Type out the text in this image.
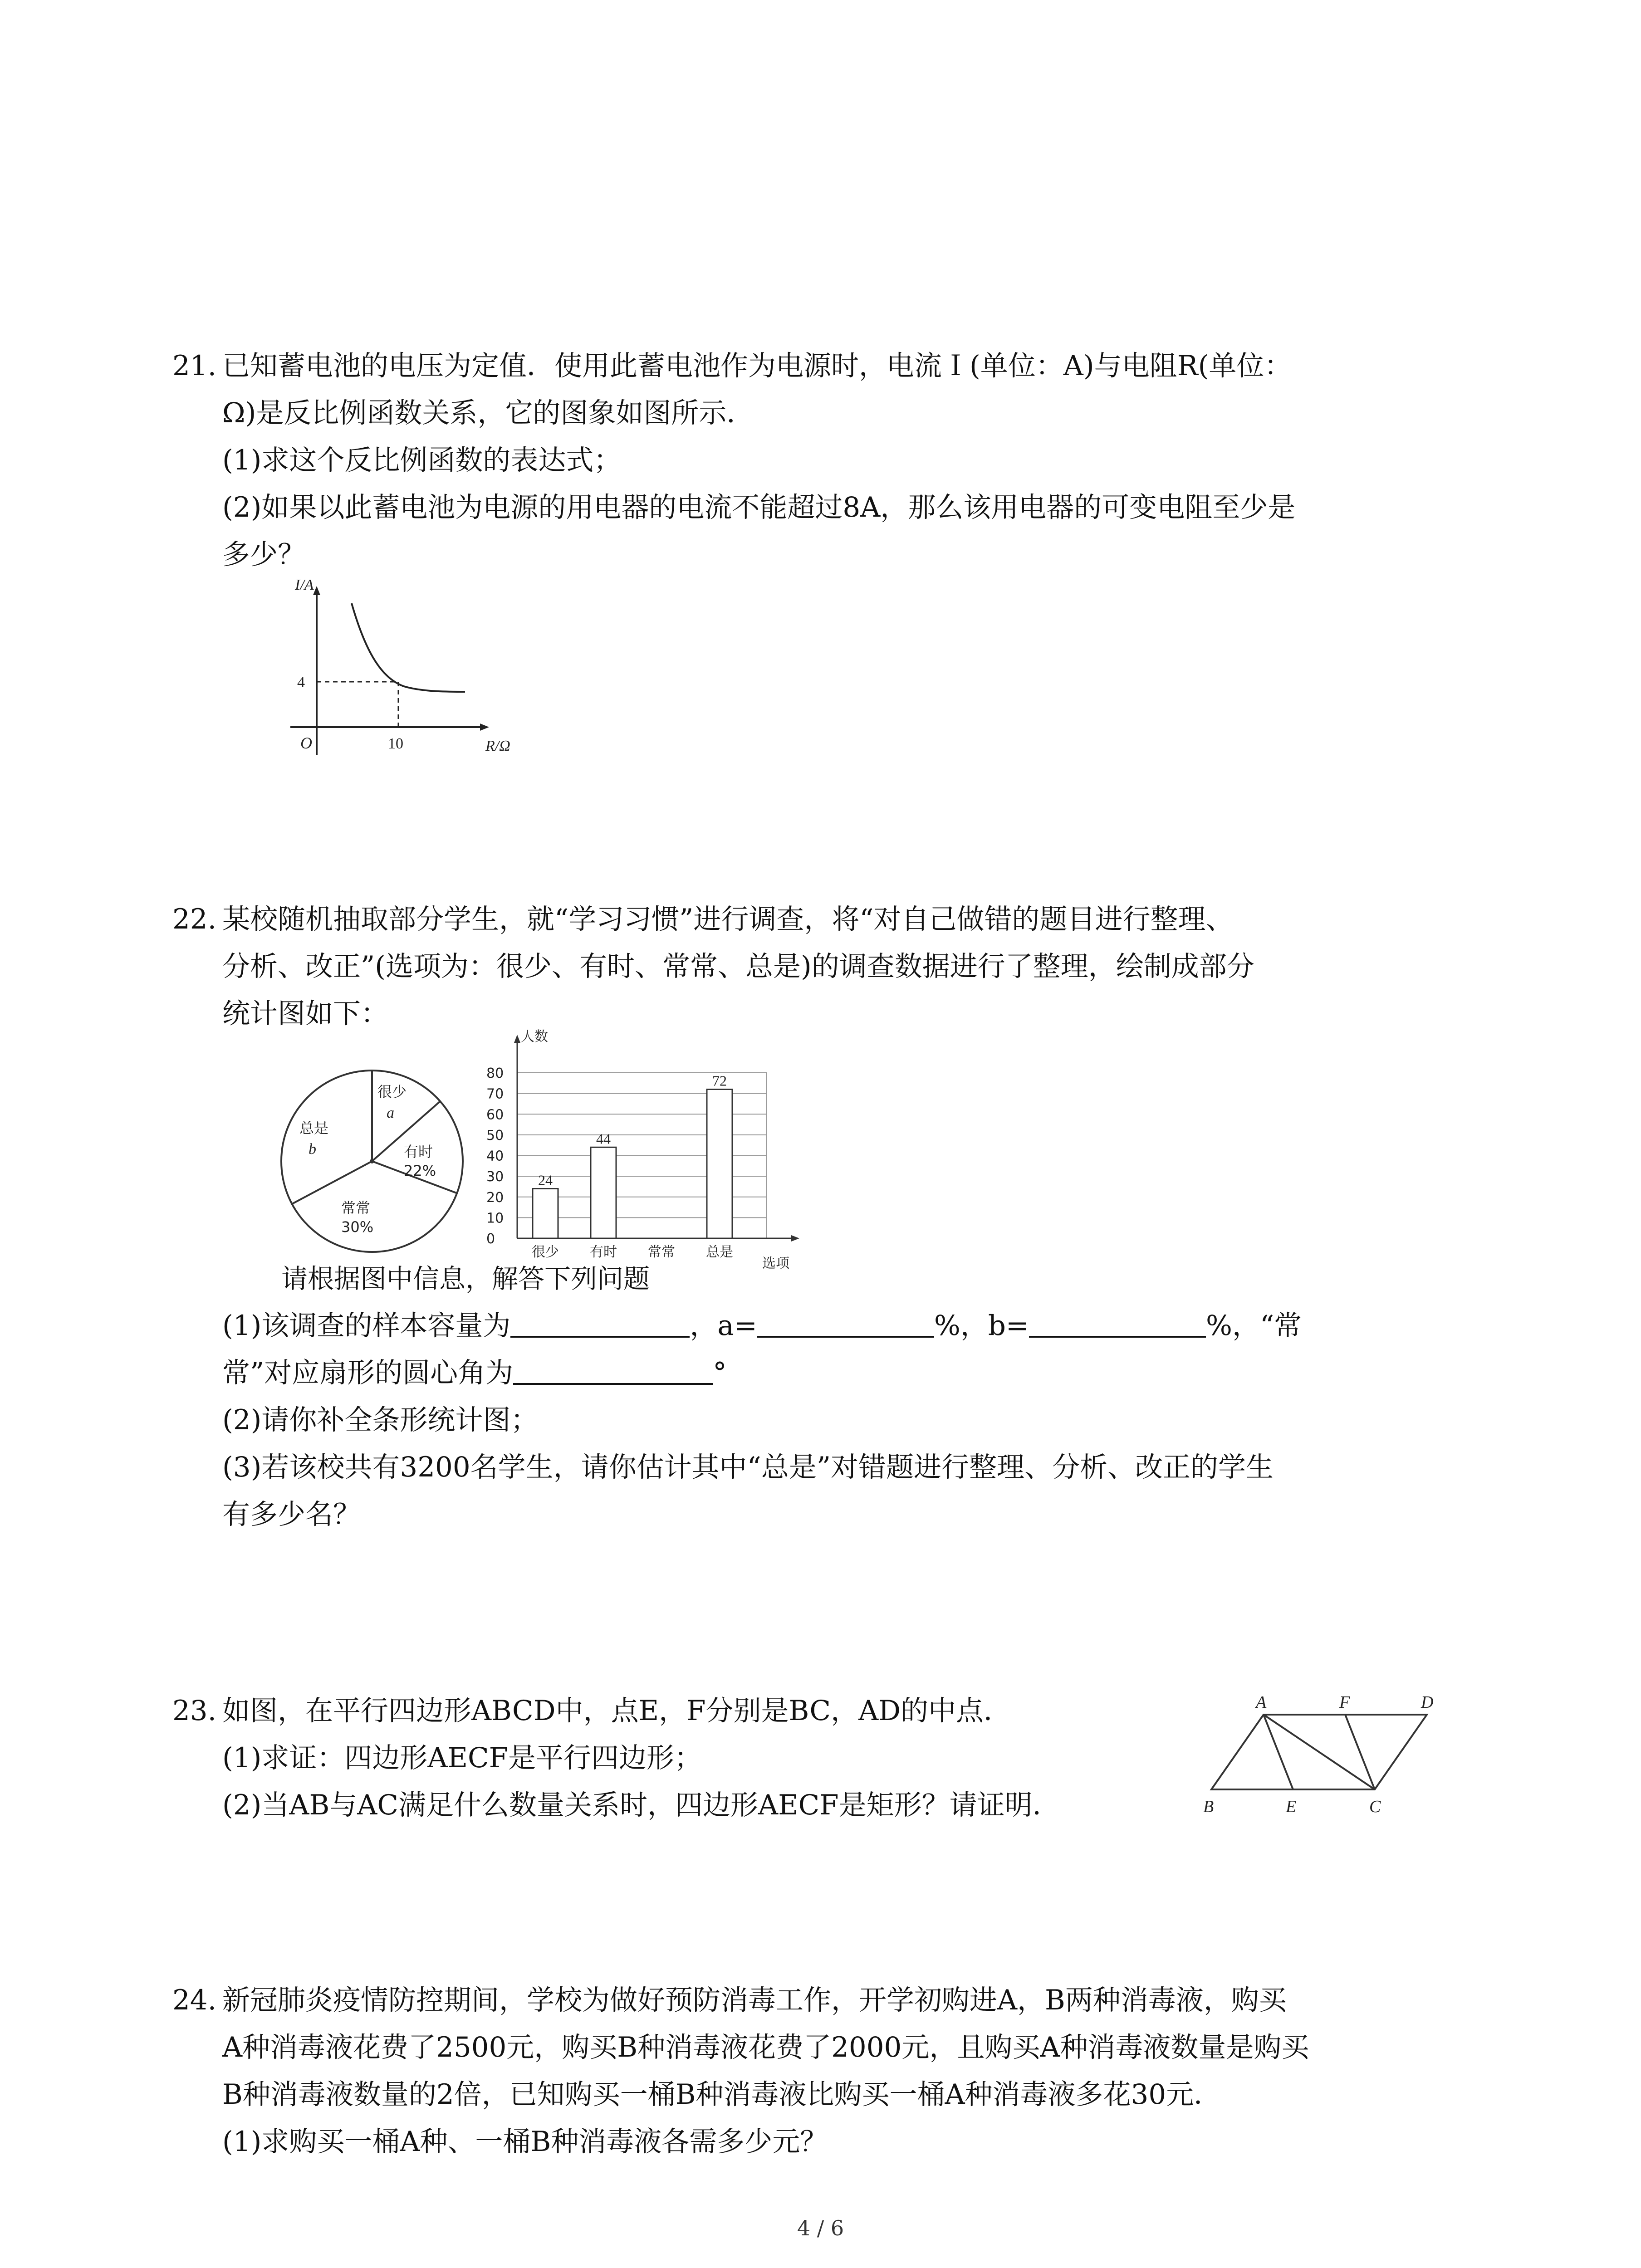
21. 已知蓄电池的电压为定值．使用此蓄电池作为电源时，电流Ｉ(单位：A)与电阻R(单位：
Ω)是反比例函数关系，它的图象如图所示．
(1)求这个反比例函数的表达式；
(2)如果以此蓄电池为电源的用电器的电流不能超过8A，那么该用电器的可变电阻至少是
多少？
I/A
R/Ω
O
4
10
22. 某校随机抽取部分学生，就“学习习惯”进行调查，将“对自己做错的题目进行整理、
分析、改正”(选项为：很少、有时、常常、总是)的调查数据进行了整理，绘制成部分
统计图如下：
很少
a
有时
22%
常常
30%
总是
b
0
10
20
30
40
50
60
70
80
24
44
72
人数
选项
很少 有时 常常 总是
请根据图中信息，解答下列问题
(1)该调查的样本容量为	，a=	%，b=	%，“常
常”对应扇形的圆心角为	°
(2)请你补全条形统计图；
(3)若该校共有3200名学生，请你估计其中“总是”对错题进行整理、分析、改正的学生
有多少名？
23. 如图，在平行四边形ABCD中，点E，F分别是BC，AD的中点．
(1)求证：四边形AECF是平行四边形；
(2)当AB与AC满足什么数量关系时，四边形AECF是矩形？请证明．
A	F	D
B	E	C
24. 新冠肺炎疫情防控期间，学校为做好预防消毒工作，开学初购进A，B两种消毒液，购买
A种消毒液花费了2500元，购买B种消毒液花费了2000元，且购买A种消毒液数量是购买
B种消毒液数量的2倍，已知购买一桶B种消毒液比购买一桶A种消毒液多花30元．
(1)求购买一桶A种、一桶B种消毒液各需多少元？
4 / 6
